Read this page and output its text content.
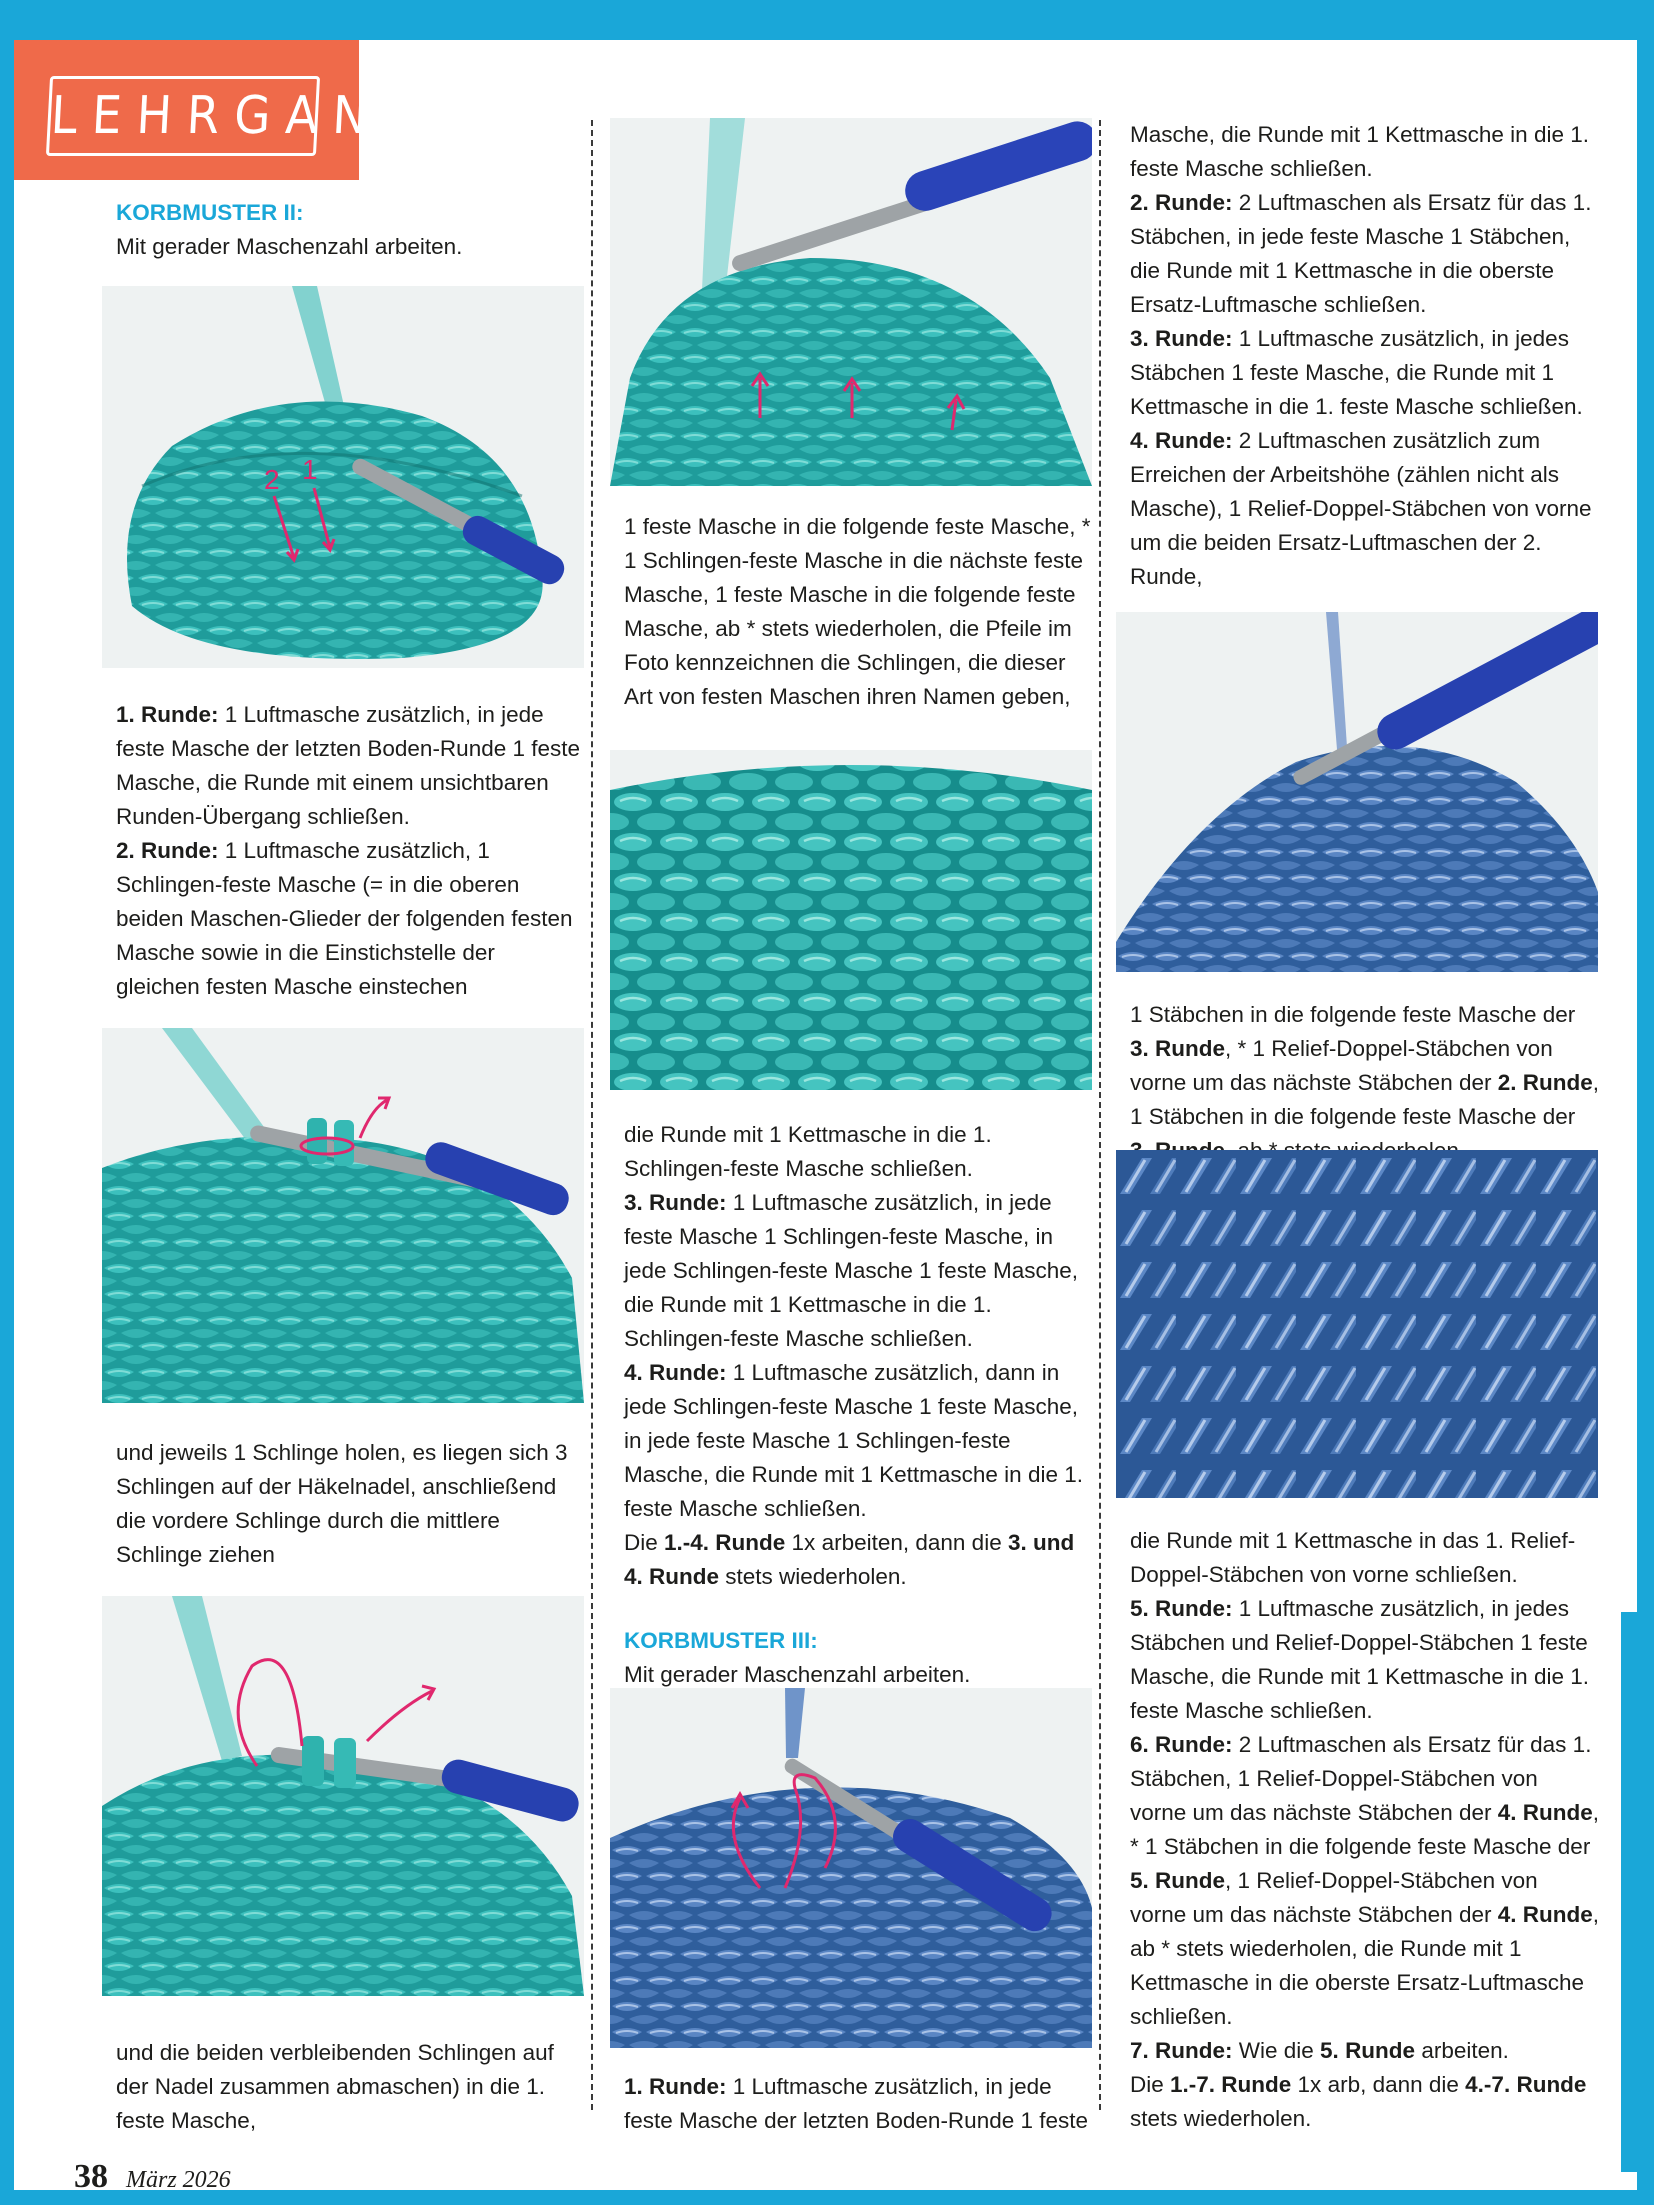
LEHRGANG

KORBMUSTER II:

Mit gerader Maschenzahl arbeiten.

2 1

1. Runde: 1 Luftmasche zusätzlich, in jede feste Masche der letzten Boden-Runde 1 feste Masche, die Runde mit einem unsichtbaren Runden-Übergang schließen.

2. Runde: 1 Luftmasche zusätzlich, 1 Schlingen-feste Masche (= in die oberen beiden Maschen-Glieder der folgenden festen Masche sowie in die Einstichstelle der gleichen festen Masche einstechen

und jeweils 1 Schlinge holen, es liegen sich 3 Schlingen auf der Häkelnadel, anschließend die vordere Schlinge durch die mittlere Schlinge ziehen

und die beiden verbleibenden Schlingen auf der Nadel zusammen abmaschen) in die 1. feste Masche,

1 feste Masche in die folgende feste Masche, * 1 Schlingen-feste Masche in die nächste feste Masche, 1 feste Masche in die folgende feste Masche, ab * stets wiederholen, die Pfeile im Foto kennzeichnen die Schlingen, die dieser Art von festen Maschen ihren Namen geben,

die Runde mit 1 Kettmasche in die 1. Schlingen-feste Masche schließen.

3. Runde: 1 Luftmasche zusätzlich, in jede feste Masche 1 Schlingen-feste Masche, in jede Schlingen-feste Masche 1 feste Masche, die Runde mit 1 Kettmasche in die 1. Schlingen-feste Masche schließen.

4. Runde: 1 Luftmasche zusätzlich, dann in jede Schlingen-feste Masche 1 feste Masche, in jede feste Masche 1 Schlingen-feste Masche, die Runde mit 1 Kettmasche in die 1. feste Masche schließen.

Die 1.-4. Runde 1x arbeiten, dann die 3. und 4. Runde stets wiederholen.

KORBMUSTER III:

Mit gerader Maschenzahl arbeiten.

1. Runde: 1 Luftmasche zusätzlich, in jede feste Masche der letzten Boden-Runde 1 feste

Masche, die Runde mit 1 Kettmasche in die 1. feste Masche schließen.

2. Runde: 2 Luftmaschen als Ersatz für das 1. Stäbchen, in jede feste Masche 1 Stäbchen, die Runde mit 1 Kettmasche in die oberste Ersatz-Luftmasche schließen.

3. Runde: 1 Luftmasche zusätzlich, in jedes Stäbchen 1 feste Masche, die Runde mit 1 Kettmasche in die 1. feste Masche schließen.

4. Runde: 2 Luftmaschen zusätzlich zum Erreichen der Arbeitshöhe (zählen nicht als Masche), 1 Relief-Doppel-Stäbchen von vorne um die beiden Ersatz-Luftmaschen der 2. Runde,

1 Stäbchen in die folgende feste Masche der 3. Runde, * 1 Relief-Doppel-Stäbchen von vorne um das nächste Stäbchen der 2. Runde, 1 Stäbchen in die folgende feste Masche der

die Runde mit 1 Kettmasche in das 1. Relief-Doppel-Stäbchen von vorne schließen.

5. Runde: 1 Luftmasche zusätzlich, in jedes Stäbchen und Relief-Doppel-Stäbchen 1 feste Masche, die Runde mit 1 Kettmasche in die 1. feste Masche schließen.

6. Runde: 2 Luftmaschen als Ersatz für das 1. Stäbchen, 1 Relief-Doppel-Stäbchen von vorne um das nächste Stäbchen der 4. Runde, * 1 Stäbchen in die folgende feste Masche der 5. Runde, 1 Relief-Doppel-Stäbchen von vorne um das nächste Stäbchen der 4. Runde, ab * stets wiederholen, die Runde mit 1 Kettmasche in die oberste Ersatz-Luftmasche schließen.

7. Runde: Wie die 5. Runde arbeiten.

Die 1.-7. Runde 1x arb, dann die 4.-7. Runde stets wiederholen.

38 März 2026
